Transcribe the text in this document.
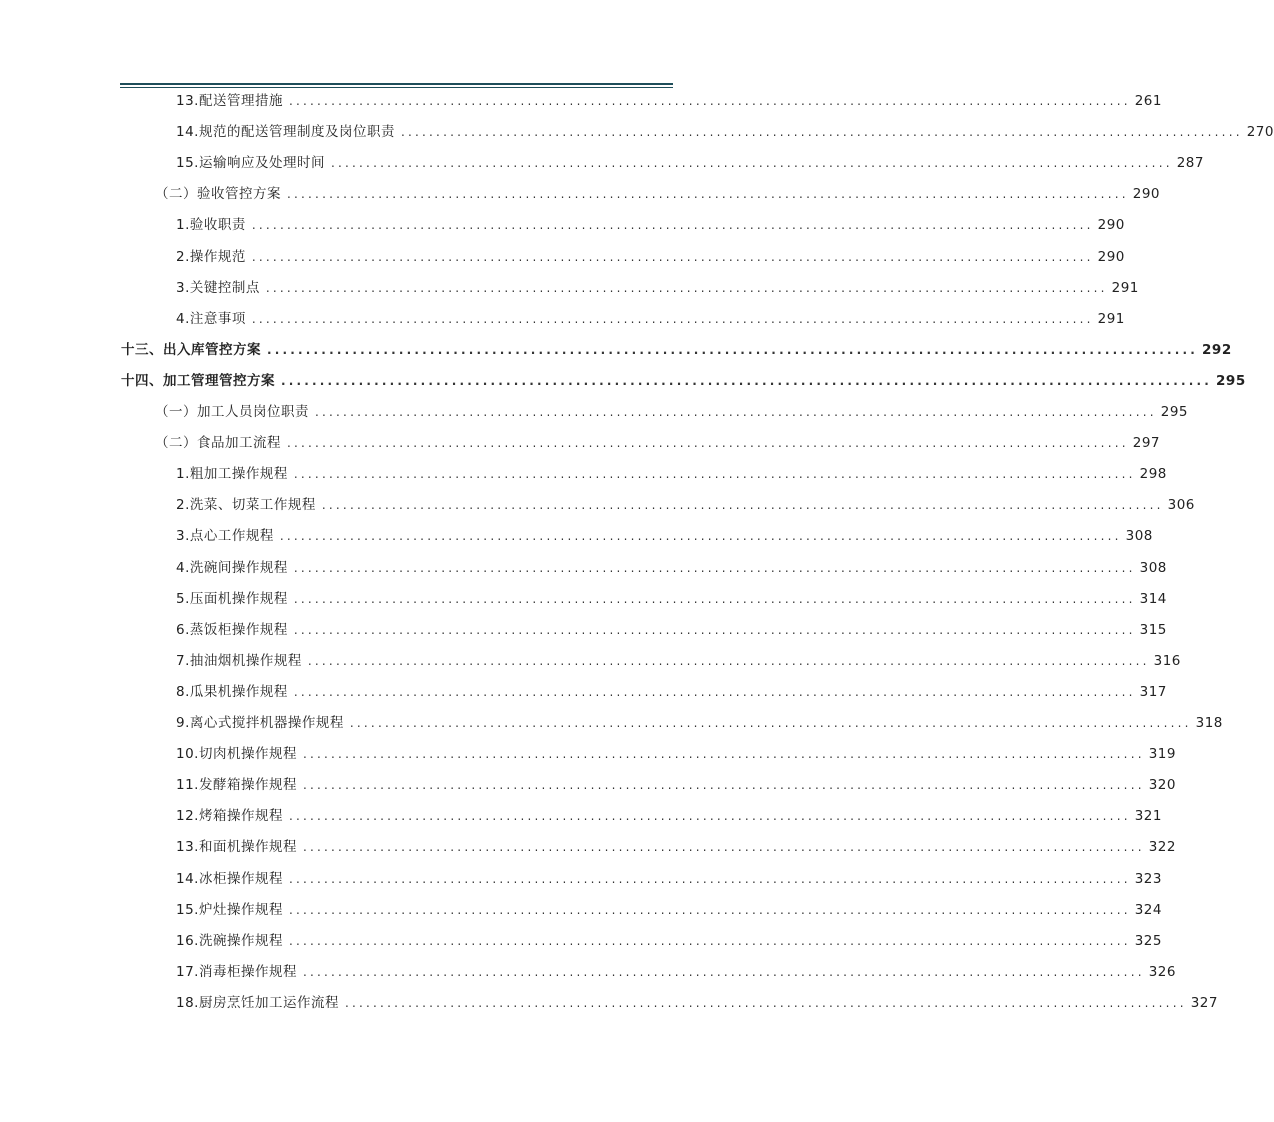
13. 配送管理措施 ........................................................................................................................ 261
14. 规范的配送管理制度及岗位职责 ........................................................................................................................ 270
15. 运输响应及处理时间 ........................................................................................................................ 287
（二） 验收管控方案 ........................................................................................................................ 290
1. 验收职责 ........................................................................................................................ 290
2. 操作规范 ........................................................................................................................ 290
3. 关键控制点 ........................................................................................................................ 291
4. 注意事项 ........................................................................................................................ 291
十三、 出入库管控方案 ........................................................................................................................ 292
十四、 加工管理管控方案 ........................................................................................................................ 295
（一） 加工人员岗位职责 ........................................................................................................................ 295
（二） 食品加工流程 ........................................................................................................................ 297
1. 粗加工操作规程 ........................................................................................................................ 298
2. 洗菜、切菜工作规程 ........................................................................................................................ 306
3. 点心工作规程 ........................................................................................................................ 308
4. 洗碗间操作规程 ........................................................................................................................ 308
5. 压面机操作规程 ........................................................................................................................ 314
6. 蒸饭柜操作规程 ........................................................................................................................ 315
7. 抽油烟机操作规程 ........................................................................................................................ 316
8. 瓜果机操作规程 ........................................................................................................................ 317
9. 离心式搅拌机器操作规程 ........................................................................................................................ 318
10. 切肉机操作规程 ........................................................................................................................ 319
11. 发酵箱操作规程 ........................................................................................................................ 320
12. 烤箱操作规程 ........................................................................................................................ 321
13. 和面机操作规程 ........................................................................................................................ 322
14. 冰柜操作规程 ........................................................................................................................ 323
15. 炉灶操作规程 ........................................................................................................................ 324
16. 洗碗操作规程 ........................................................................................................................ 325
17. 消毒柜操作规程 ........................................................................................................................ 326
18. 厨房烹饪加工运作流程 ........................................................................................................................ 327
